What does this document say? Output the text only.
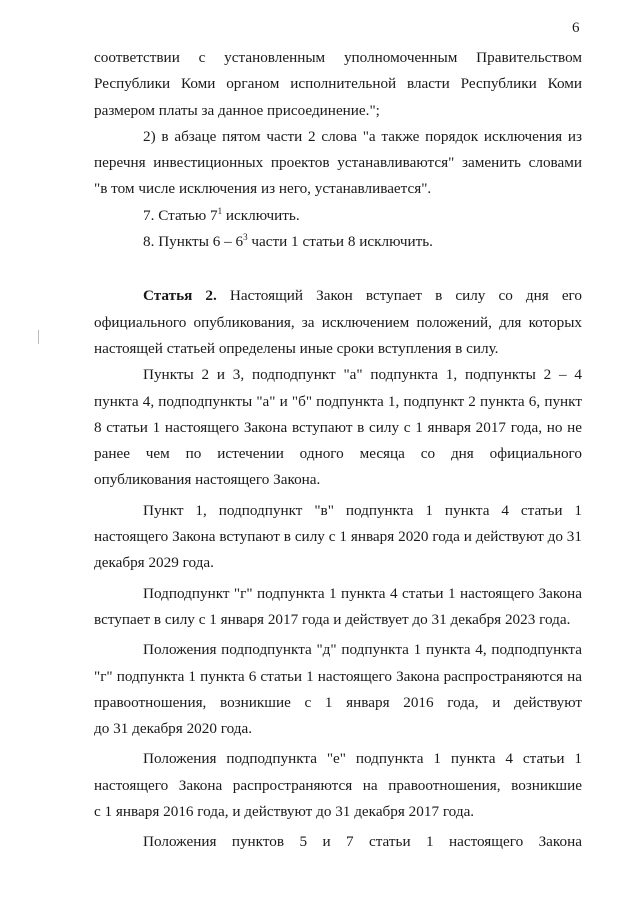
6
соответствии с установленным уполномоченным Правительством
Республики Коми органом исполнительной власти Республики Коми
размером платы за данное присоединение.";
2) в абзаце пятом части 2 слова "а также порядок исключения из
перечня инвестиционных проектов устанавливаются" заменить словами
"в том числе исключения из него, устанавливается".
7. Статью $7^1$ исключить.
8. Пункты $6 - 6^3$ части 1 статьи 8 исключить.
Статья 2. Настоящий Закон вступает в силу со дня его
официального опубликования, за исключением положений, для которых
настоящей статьей определены иные сроки вступления в силу.
Пункты 2 и 3, подподпункт "а" подпункта 1, подпункты 2 – 4
пункта 4, подподпункты "а" и "б" подпункта 1, подпункт 2 пункта 6, пункт
8 статьи 1 настоящего Закона вступают в силу с 1 января 2017 года, но не
ранее чем по истечении одного месяца со дня официального
опубликования настоящего Закона.
Пункт 1, подподпункт "в" подпункта 1 пункта 4 статьи 1
настоящего Закона вступают в силу с 1 января 2020 года и действуют до 31
декабря 2029 года.
Подподпункт "г" подпункта 1 пункта 4 статьи 1 настоящего Закона
вступает в силу с 1 января 2017 года и действует до 31 декабря 2023 года.
Положения подподпункта "д" подпункта 1 пункта 4, подподпункта
"г" подпункта 1 пункта 6 статьи 1 настоящего Закона распространяются на
правоотношения, возникшие с 1 января 2016 года, и действуют
до 31 декабря 2020 года.
Положения подподпункта "е" подпункта 1 пункта 4 статьи 1
настоящего Закона распространяются на правоотношения, возникшие
с 1 января 2016 года, и действуют до 31 декабря 2017 года.
Положения пунктов 5 и 7 статьи 1 настоящего Закона
